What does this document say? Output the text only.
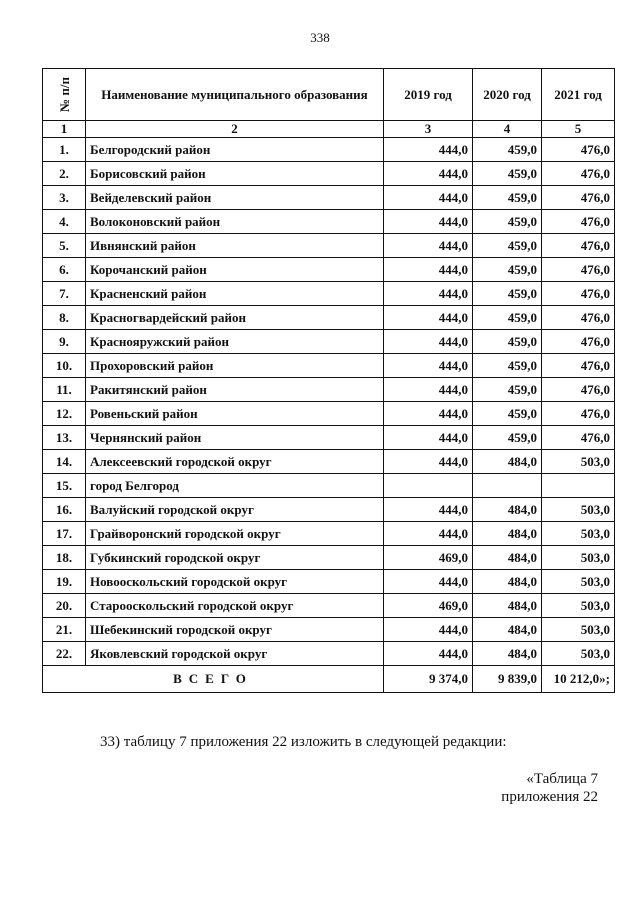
338
№ п/п	Наименование муниципального образования	2019 год	2020 год	2021 год
1	2	3	4	5
1.	Белгородский район	444,0	459,0	476,0
2.	Борисовский район	444,0	459,0	476,0
3.	Вейделевский район	444,0	459,0	476,0
4.	Волоконовский район	444,0	459,0	476,0
5.	Ивнянский район	444,0	459,0	476,0
6.	Корочанский район	444,0	459,0	476,0
7.	Красненский район	444,0	459,0	476,0
8.	Красногвардейский район	444,0	459,0	476,0
9.	Краснояружский район	444,0	459,0	476,0
10.	Прохоровский район	444,0	459,0	476,0
11.	Ракитянский район	444,0	459,0	476,0
12.	Ровеньский район	444,0	459,0	476,0
13.	Чернянский район	444,0	459,0	476,0
14.	Алексеевский городской округ	444,0	484,0	503,0
15.	город Белгород			
16.	Валуйский городской округ	444,0	484,0	503,0
17.	Грайворонский городской округ	444,0	484,0	503,0
18.	Губкинский городской округ	469,0	484,0	503,0
19.	Новооскольский городской округ	444,0	484,0	503,0
20.	Старооскольский городской округ	469,0	484,0	503,0
21.	Шебекинский городской округ	444,0	484,0	503,0
22.	Яковлевский городской округ	444,0	484,0	503,0
ВСЕГО		9 374,0	9 839,0	10 212,0»;
33) таблицу 7 приложения 22 изложить в следующей редакции:
«Таблица 7
приложения 22
